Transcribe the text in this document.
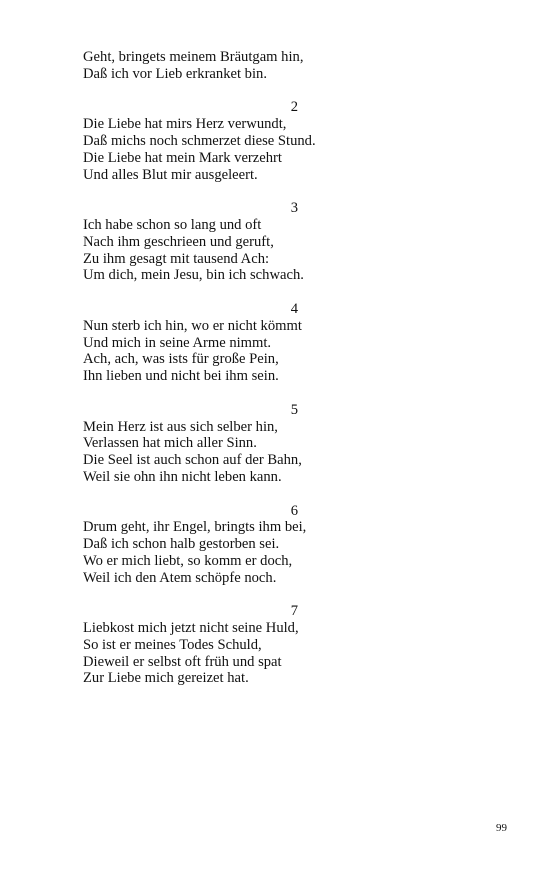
Geht, bringets meinem Bräutgam hin,
Daß ich vor Lieb erkranket bin.
2
Die Liebe hat mirs Herz verwundt,
Daß michs noch schmerzet diese Stund.
Die Liebe hat mein Mark verzehrt
Und alles Blut mir ausgeleert.
3
Ich habe schon so lang und oft
Nach ihm geschrieen und geruft,
Zu ihm gesagt mit tausend Ach:
Um dich, mein Jesu, bin ich schwach.
4
Nun sterb ich hin, wo er nicht kömmt
Und mich in seine Arme nimmt.
Ach, ach, was ists für große Pein,
Ihn lieben und nicht bei ihm sein.
5
Mein Herz ist aus sich selber hin,
Verlassen hat mich aller Sinn.
Die Seel ist auch schon auf der Bahn,
Weil sie ohn ihn nicht leben kann.
6
Drum geht, ihr Engel, bringts ihm bei,
Daß ich schon halb gestorben sei.
Wo er mich liebt, so komm er doch,
Weil ich den Atem schöpfe noch.
7
Liebkost mich jetzt nicht seine Huld,
So ist er meines Todes Schuld,
Dieweil er selbst oft früh und spat
Zur Liebe mich gereizet hat.
99
